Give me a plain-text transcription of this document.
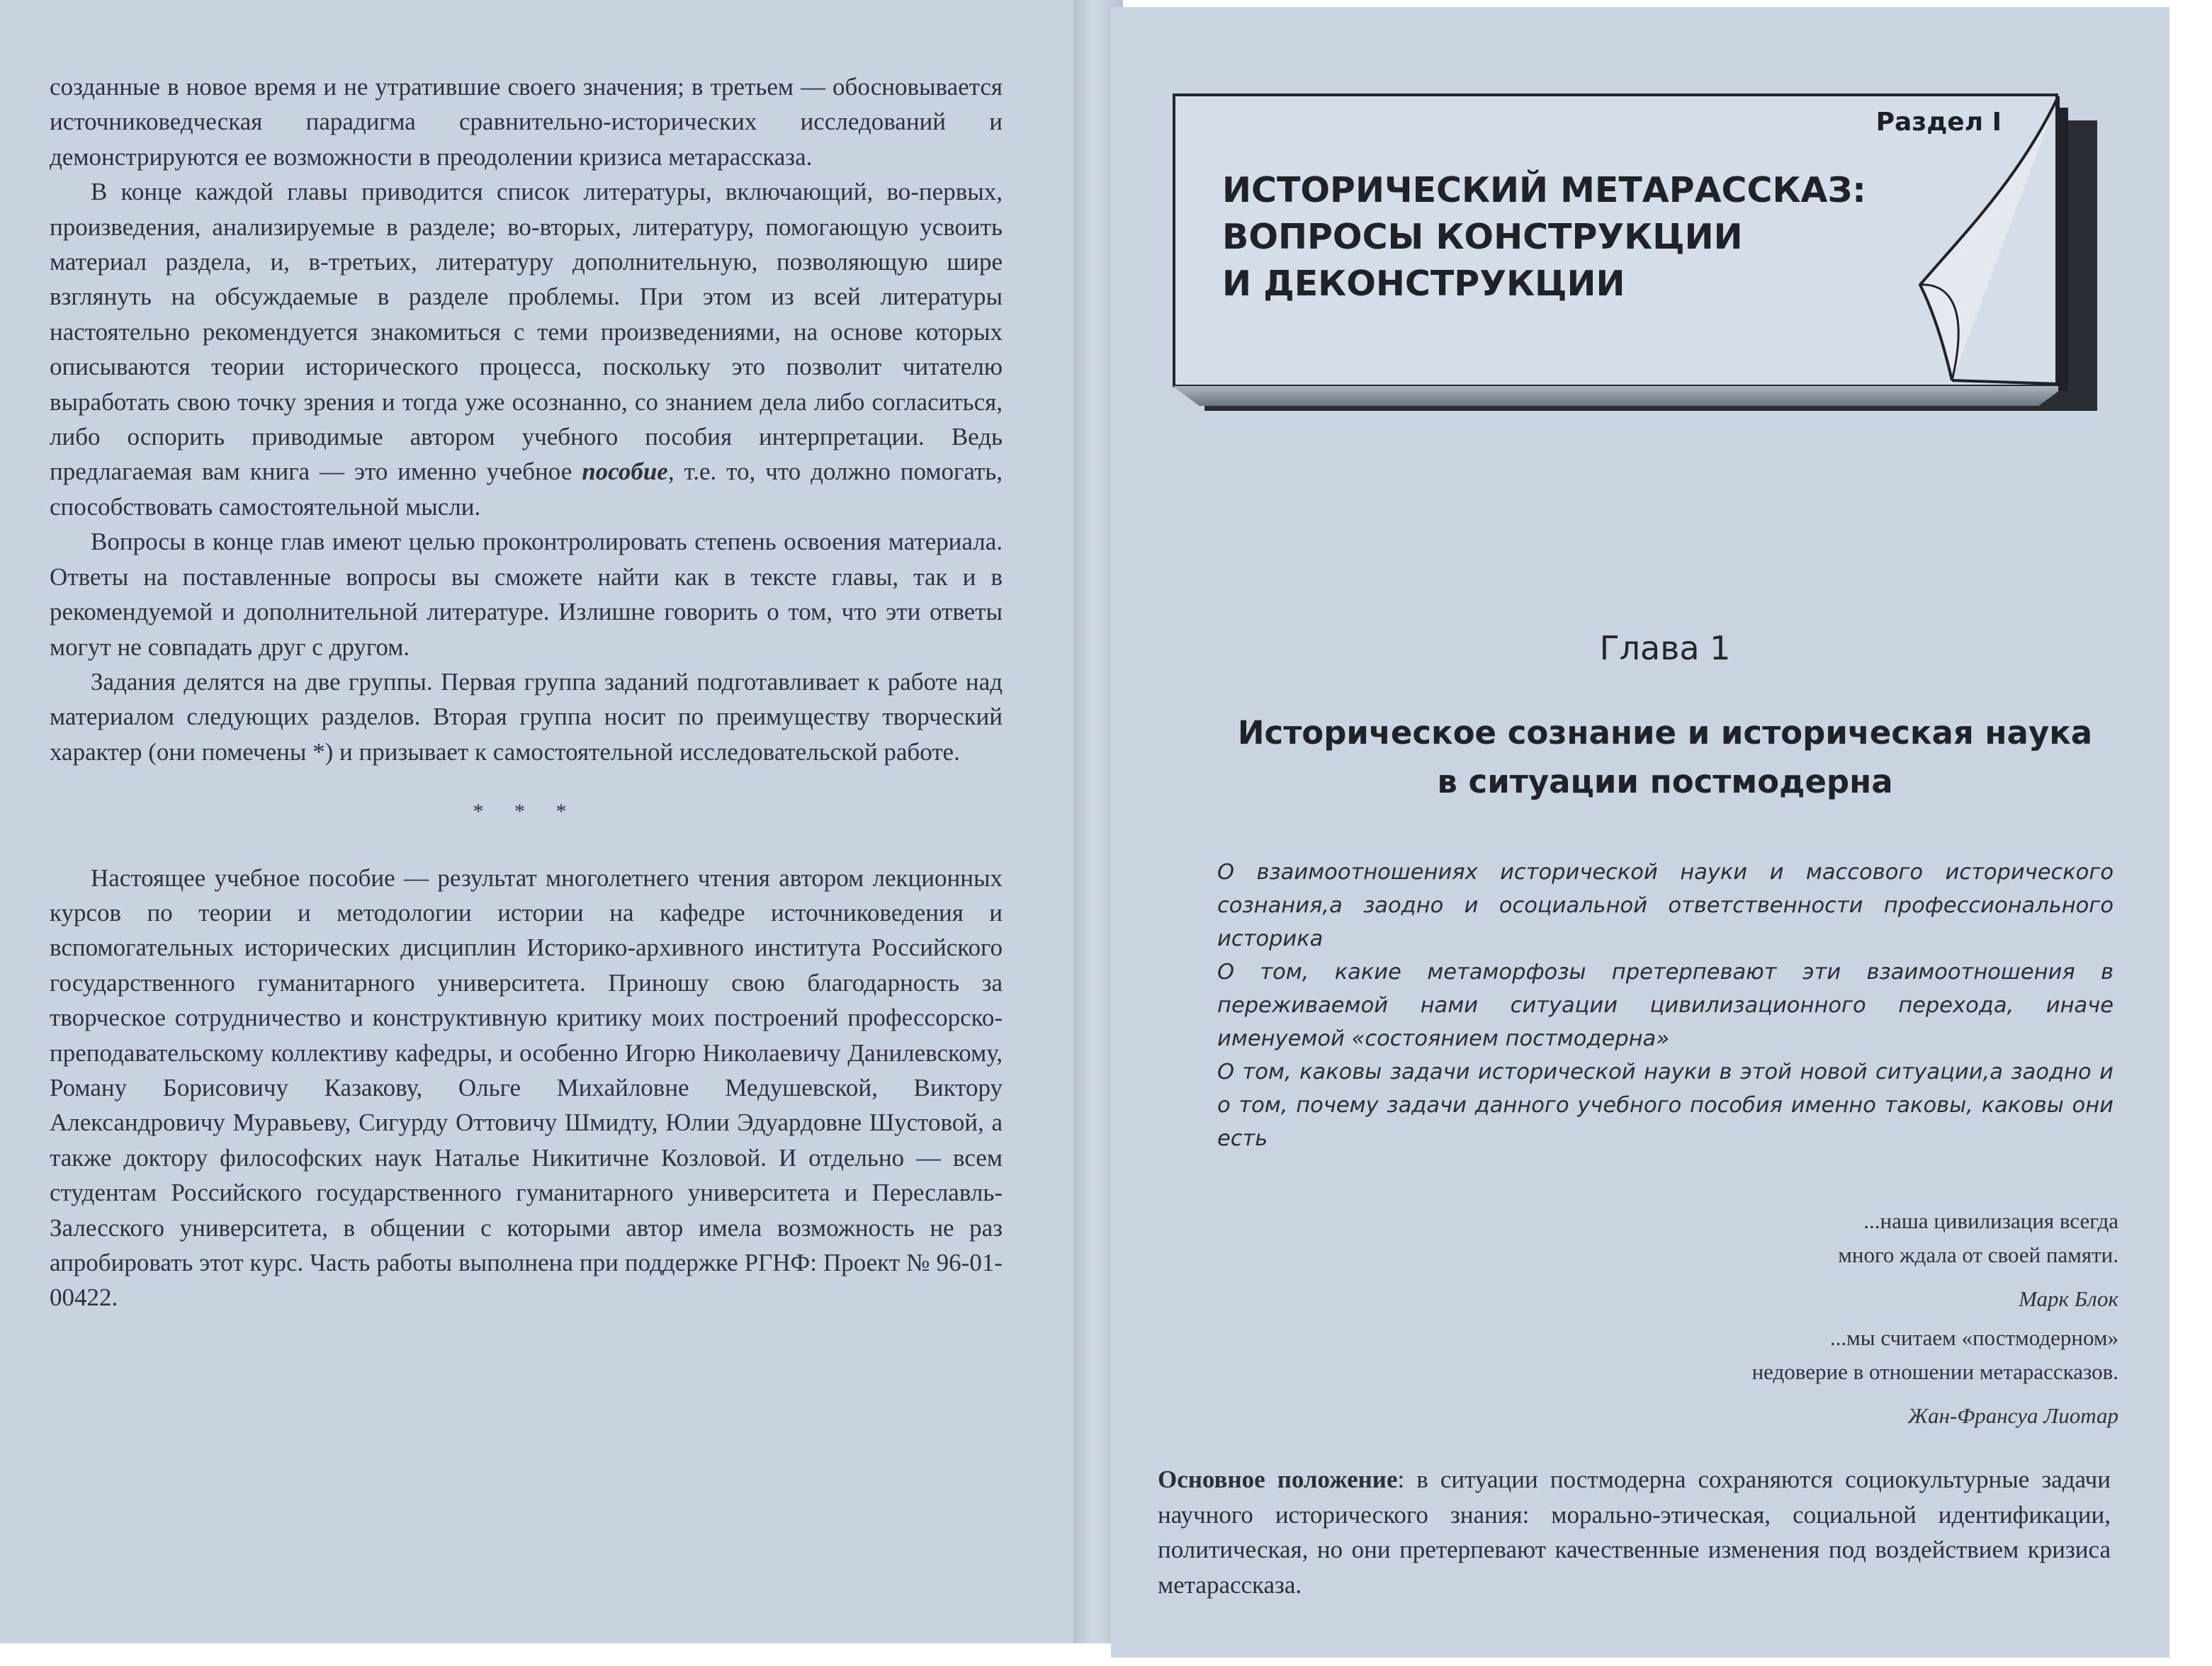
созданные в новое время и не утратившие своего значения; в третьем — обосновывается источниковедческая парадигма сравнительно-исторических исследований и демонстрируются ее возможности в преодолении кризиса метарассказа.

В конце каждой главы приводится список литературы, включающий, во-первых, произведения, анализируемые в разделе; во-вторых, литературу, помогающую усвоить материал раздела, и, в-третьих, литературу дополнительную, позволяющую шире взглянуть на обсуждаемые в разделе проблемы. При этом из всей литературы настоятельно рекомендуется знакомиться с теми произведениями, на основе которых описываются теории исторического процесса, поскольку это позволит читателю выработать свою точку зрения и тогда уже осознанно, со знанием дела либо согласиться, либо оспорить приводимые автором учебного пособия интерпретации. Ведь предлагаемая вам книга — это именно учебное пособие, т.е. то, что должно помогать, способствовать самостоятельной мысли.

Вопросы в конце глав имеют целью проконтролировать степень освоения материала. Ответы на поставленные вопросы вы сможете найти как в тексте главы, так и в рекомендуемой и дополнительной литературе. Излишне говорить о том, что эти ответы могут не совпадать друг с другом.

Задания делятся на две группы. Первая группа заданий подготавливает к работе над материалом следующих разделов. Вторая группа носит по преимуществу творческий характер (они помечены *) и призывает к самостоятельной исследовательской работе.

* * *

Настоящее учебное пособие — результат многолетнего чтения автором лекционных курсов по теории и методологии истории на кафедре источниковедения и вспомогательных исторических дисциплин Историко-архивного института Российского государственного гуманитарного университета. Приношу свою благодарность за творческое сотрудничество и конструктивную критику моих построений профессорско-преподавательскому коллективу кафедры, и особенно Игорю Николаевичу Данилевскому, Роману Борисовичу Казакову, Ольге Михайловне Медушевской, Виктору Александровичу Муравьеву, Сигурду Оттовичу Шмидту, Юлии Эдуардовне Шустовой, а также доктору философских наук Наталье Никитичне Козловой. И отдельно — всем студентам Российского государственного гуманитарного университета и Переславль-Залесского университета, в общении с которыми автор имела возможность не раз апробировать этот курс. Часть работы выполнена при поддержке РГНФ: Проект № 96-01-00422.

Раздел I
ИСТОРИЧЕСКИЙ МЕТАРАССКАЗ:
ВОПРОСЫ КОНСТРУКЦИИ
И ДЕКОНСТРУКЦИИ
Глава 1
Историческое сознание и историческая наука
в ситуации постмодерна

О взаимоотношениях исторической науки и массового исторического сознания,а заодно и осоциальной ответственности профессионального историка

О том, какие метаморфозы претерпевают эти взаимоотношения в переживаемой нами ситуации цивилизационного перехода, иначе именуемой «состоянием постмодерна»

О том, каковы задачи исторической науки в этой новой ситуации,а заодно и о том, почему задачи данного учебного пособия именно таковы, каковы они есть

...наша цивилизация всегда
много ждала от своей памяти.
Марк Блок
...мы считаем «постмодерном»
недоверие в отношении метарассказов.
Жан-Франсуа Лиотар

Основное положение: в ситуации постмодерна сохраняются социокультурные задачи научного исторического знания: морально-этическая, социальной идентификации, политическая, но они претерпевают качественные изменения под воздействием кризиса метарассказа.
